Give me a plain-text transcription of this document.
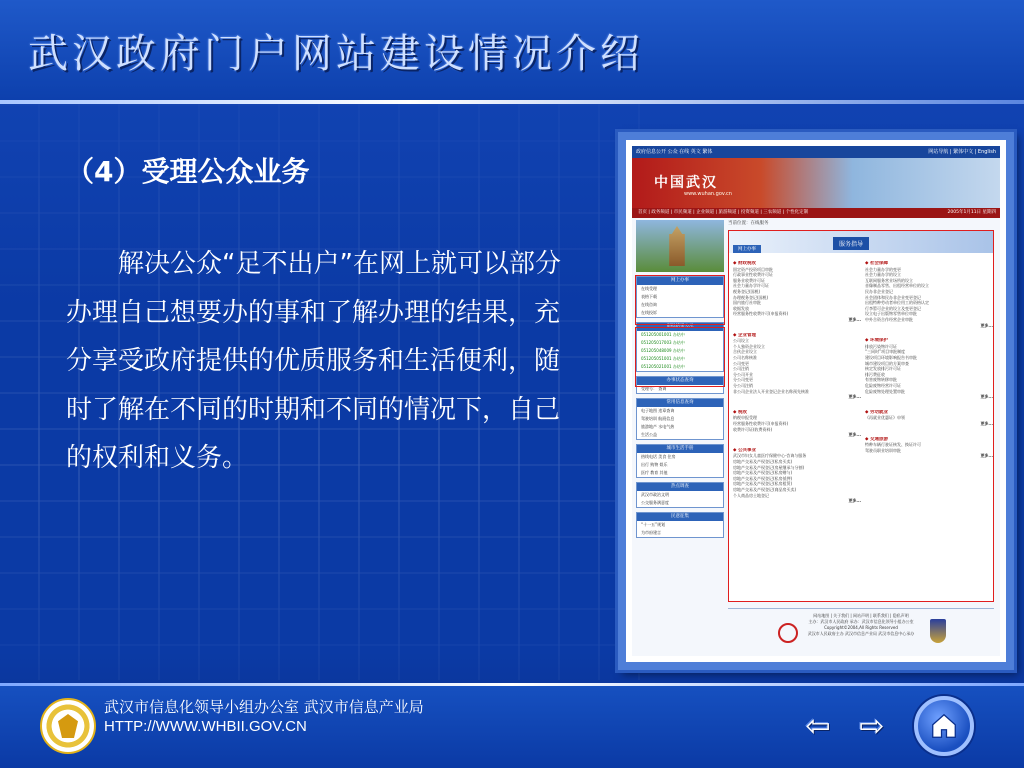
武汉政府门户网站建设情况介绍
（4）受理公众业务
解决公众“足不出户”在网上就可以部分办理自己想要办的事和了解办理的结果，充分享受政府提供的优质服务和生活便利，随时了解在不同的时期和不同的情况下，自己的权利和义务。
政府信息公开 公众 在线 英文 繁体	网站导航 | 繁体中文 | English
中国武汉
www.wuhan.gov.cn
首页 | 政务频道 | 市民频道 | 企业频道 | 旅游频道 | 投资频道 | 三农频道 | 个性化定制	2005年1月11日 星期四
当前位置：在线服务
网上办事
在线受理
表格下载
在线咨询
在线投诉
审批结果公示
051205001001 办结中
051205017003 办结中
051205048009 办结中
051205051001 办结中
051205021001 办结中
办事状态查询
受理号： 查询
常用信息查询
电子地图 违章查询
驾驶培训 航班信息
旅游地产 水电气热
生活公益
城市生活手册
热线电话 美食 住房
出行 购物 娱乐
医疗 教育 其他
热点调查
武汉市政治文明
公交服务满意度
民意征集
“十一五”规划
为市府建言
服务指导
网上办事
◆ 财政税收
固定资产投资项目审批
行政事业性收费许可证
服务业收费许可证
社会力量办学许可证
税务登记(国税)
办理税务登记(国税)
国内旅行社审批
收据发放
经营服务性收费许可(申报资料)
更多...
◆ 社会保障
社会力量办学的变更
社会力量办学的设立
互联网服务营业场所的设立
音像制品零售、出租经营单位的设立
民办非企业登记
社会团体和民办非企业变更登记
出租特种劳动者单位用工的资格认定
行李暂可企业的设立及变更登记
设立电子出版物零售单位审批
中外合资合作经营企业审批
更多...
◆ 企业管理
公司设立
个人独资企业设立
合伙企业设立
公司名称核准
公司变更
公司注销
分公司开业
分公司变更
分公司注销
非公司企业法人开业登记企业名称预先核准
更多...
◆ 环境保护
排放污染物许可证
“三同时”项目审批制度
建设项目环境影响报告书审批
城市建设项目的方案审查
核定发放排污许可证
排污费征收
有害废物转移审批
危险废物经营许可证
危险废物处理处置审批
更多...
◆ 税收
纳税申报受理
经营服务性收费许可(申报资料)
收费许可证(收费资料)
更多...
◆ 劳动就业
《再就业优惠证》申领
更多...
◆ 公共事业
武汉市妇女儿童医疗保健中心·咨询与服务
房地产交易及产权登记(私房买卖)
房地产交易及产权登记(房屋继承与分割)
房地产交易及产权登记(私房赠与)
房地产交易及产权登记(私房抵押)
房地产交易及产权登记(私房租赁)
房地产交易及产权登记(商品房买卖)
个人商品房土地登记
更多...
◆ 交通旅游
特种车辆行驶证核发、换证许可
驾驶员职业培训审批
更多...
网站地图 | 关于我们 | 网站声明 | 联系我们 | 隐私声明
主办：武汉市人民政府 承办：武汉市信息化领导小组办公室
Copyright©2004,All Rights Reserved
武汉市人民政府主办 武汉市信息产业局 武汉市信息中心承办
武汉市信息化领导小组办公室 武汉市信息产业局
HTTP://WWW.WHBII.GOV.CN	⇦ ⇨
